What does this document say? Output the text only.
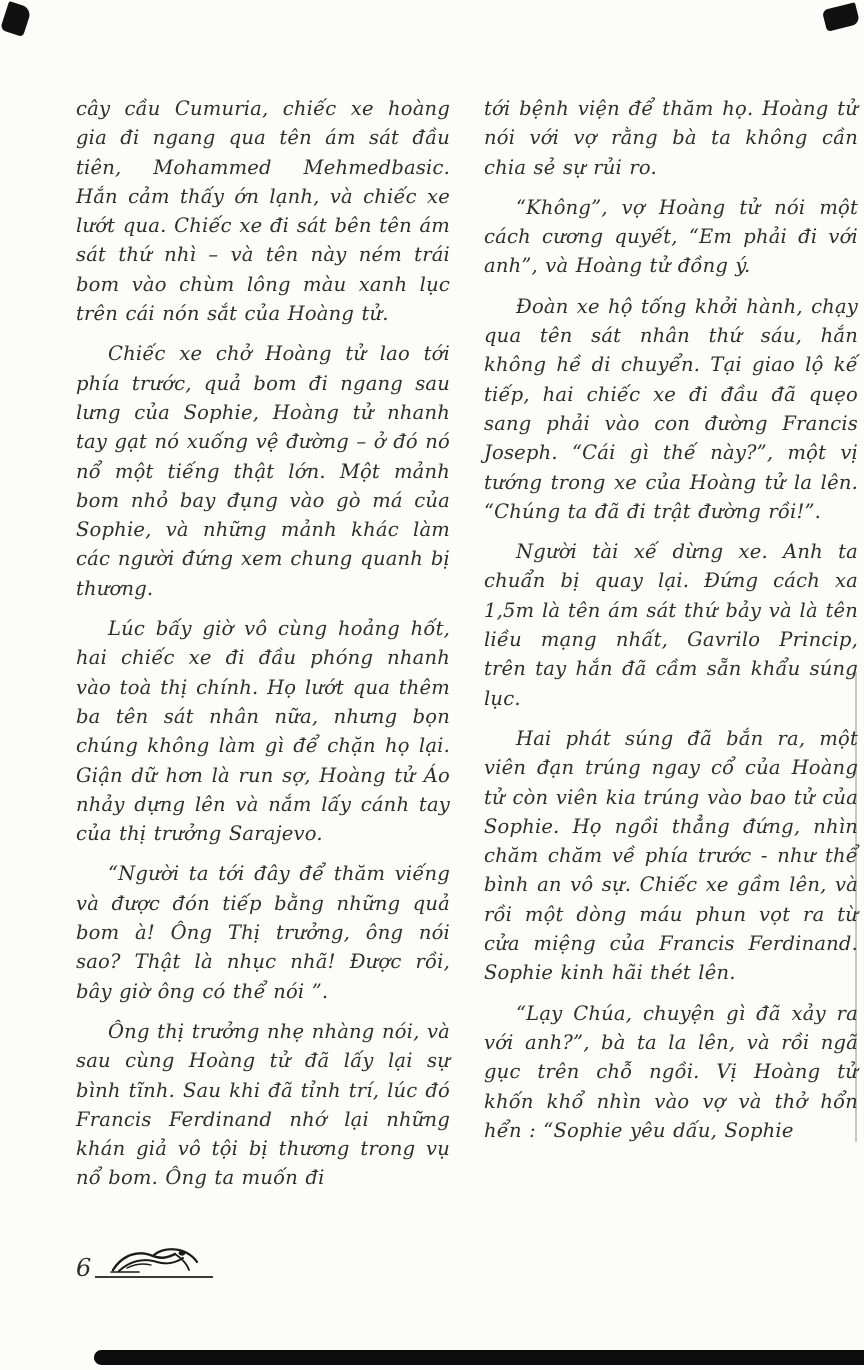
cây cầu Cumuria, chiếc xe hoàng gia đi ngang qua tên ám sát đầu tiên, Mohammed Mehmedbasic. Hắn cảm thấy ớn lạnh, và chiếc xe lướt qua. Chiếc xe đi sát bên tên ám sát thứ nhì – và tên này ném trái bom vào chùm lông màu xanh lục trên cái nón sắt của Hoàng tử.

Chiếc xe chở Hoàng tử lao tới phía trước, quả bom đi ngang sau lưng của Sophie, Hoàng tử nhanh tay gạt nó xuống vệ đường – ở đó nó nổ một tiếng thật lớn. Một mảnh bom nhỏ bay đụng vào gò má của Sophie, và những mảnh khác làm các người đứng xem chung quanh bị thương.

Lúc bấy giờ vô cùng hoảng hốt, hai chiếc xe đi đầu phóng nhanh vào toà thị chính. Họ lướt qua thêm ba tên sát nhân nữa, nhưng bọn chúng không làm gì để chặn họ lại. Giận dữ hơn là run sợ, Hoàng tử Áo nhảy dựng lên và nắm lấy cánh tay của thị trưởng Sarajevo.

“Người ta tới đây để thăm viếng và được đón tiếp bằng những quả bom à! Ông Thị trưởng, ông nói sao? Thật là nhục nhã! Được rồi, bây giờ ông có thể nói ”.

Ông thị trưởng nhẹ nhàng nói, và sau cùng Hoàng tử đã lấy lại sự bình tĩnh. Sau khi đã tỉnh trí, lúc đó Francis Ferdinand nhớ lại những khán giả vô tội bị thương trong vụ nổ bom. Ông ta muốn đi

tới bệnh viện để thăm họ. Hoàng tử nói với vợ rằng bà ta không cần chia sẻ sự rủi ro.

“Không”, vợ Hoàng tử nói một cách cương quyết, “Em phải đi với anh”, và Hoàng tử đồng ý.

Đoàn xe hộ tống khởi hành, chạy qua tên sát nhân thứ sáu, hắn không hề di chuyển. Tại giao lộ kế tiếp, hai chiếc xe đi đầu đã quẹo sang phải vào con đường Francis Joseph. “Cái gì thế này?”, một vị tướng trong xe của Hoàng tử la lên. “Chúng ta đã đi trật đường rồi!”.

Người tài xế dừng xe. Anh ta chuẩn bị quay lại. Đứng cách xa 1,5m là tên ám sát thứ bảy và là tên liều mạng nhất, Gavrilo Princip, trên tay hắn đã cầm sẵn khẩu súng lục.

Hai phát súng đã bắn ra, một viên đạn trúng ngay cổ của Hoàng tử còn viên kia trúng vào bao tử của Sophie. Họ ngồi thẳng đứng, nhìn chăm chăm về phía trước - như thể bình an vô sự. Chiếc xe gầm lên, và rồi một dòng máu phun vọt ra từ cửa miệng của Francis Ferdinand. Sophie kinh hãi thét lên.

“Lạy Chúa, chuyện gì đã xảy ra với anh?”, bà ta la lên, và rồi ngã gục trên chỗ ngồi. Vị Hoàng tử khốn khổ nhìn vào vợ và thở hổn hển : “Sophie yêu dấu, Sophie

6
